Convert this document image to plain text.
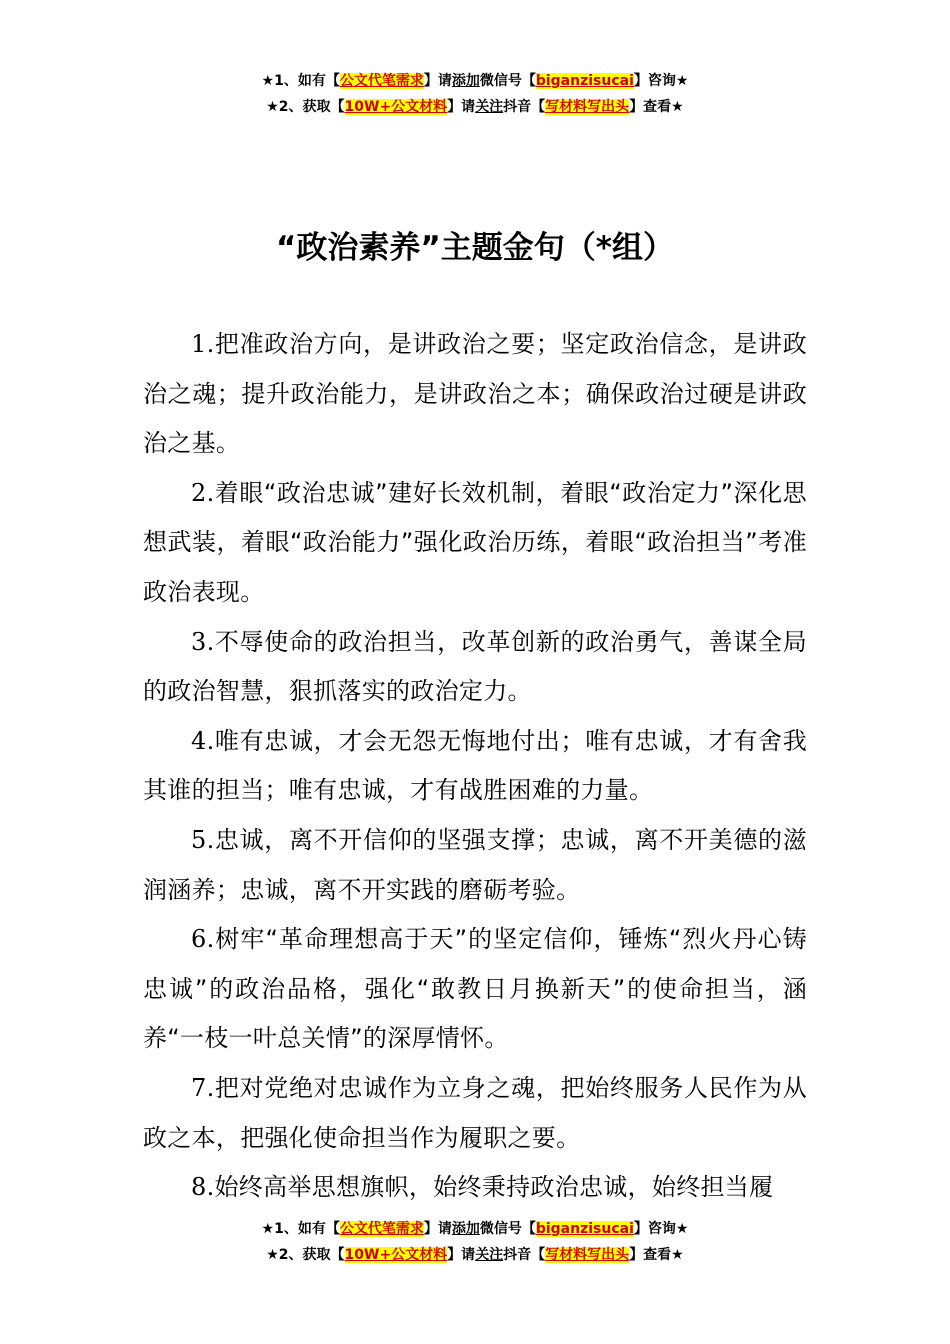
★1、如有【公文代笔需求】请添加微信号【biganzisucai】咨询★
★2、获取【10W+公文材料】请关注抖音【写材料写出头】查看★
“政治素养”主题金句（*组）

1.把准政治方向，是讲政治之要；坚定政治信念，是讲政治之魂；提升政治能力，是讲政治之本；确保政治过硬是讲政治之基。

2.着眼“政治忠诚”建好长效机制，着眼“政治定力”深化思想武装，着眼“政治能力”强化政治历练，着眼“政治担当”考准政治表现。

3.不辱使命的政治担当，改革创新的政治勇气，善谋全局的政治智慧，狠抓落实的政治定力。

4.唯有忠诚，才会无怨无悔地付出；唯有忠诚，才有舍我其谁的担当；唯有忠诚，才有战胜困难的力量。

5.忠诚，离不开信仰的坚强支撑；忠诚，离不开美德的滋润涵养；忠诚，离不开实践的磨砺考验。

6.树牢“革命理想高于天”的坚定信仰，锤炼“烈火丹心铸忠诚”的政治品格，强化“敢教日月换新天”的使命担当，涵养“一枝一叶总关情”的深厚情怀。

7.把对党绝对忠诚作为立身之魂，把始终服务人民作为从政之本，把强化使命担当作为履职之要。

8.始终高举思想旗帜，始终秉持政治忠诚，始终担当履

★1、如有【公文代笔需求】请添加微信号【biganzisucai】咨询★
★2、获取【10W+公文材料】请关注抖音【写材料写出头】查看★
